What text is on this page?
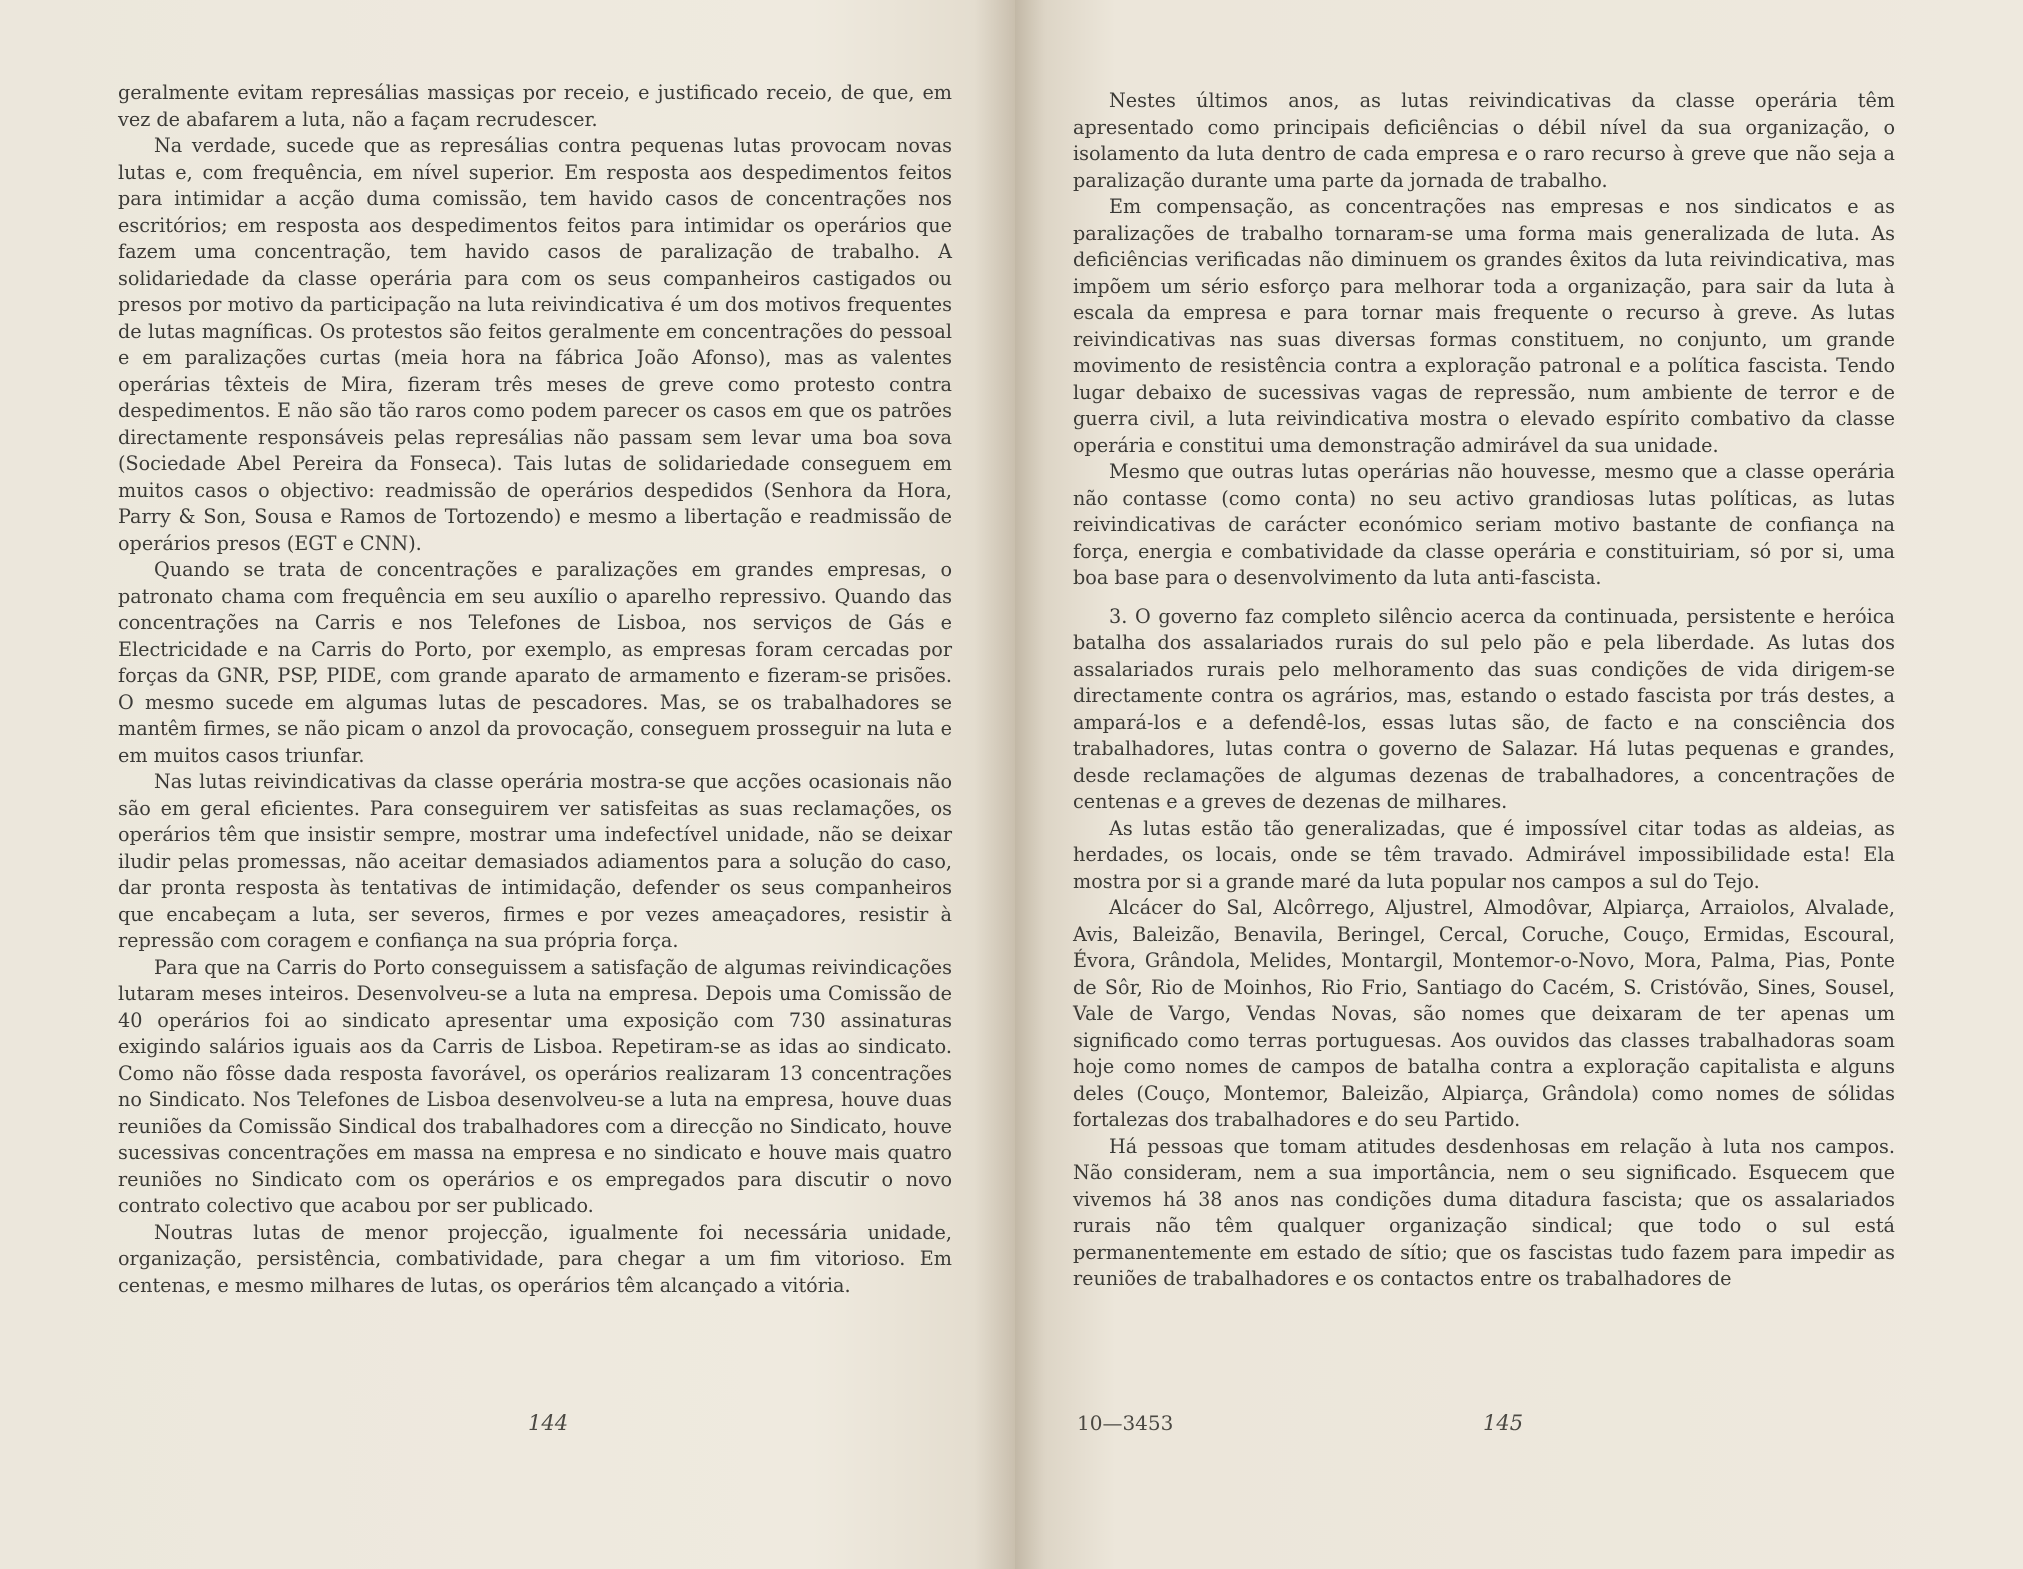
geralmente evitam represálias massiças por receio, e justificado receio, de que, em vez de abafarem a luta, não a façam recrudescer.

Na verdade, sucede que as represálias contra pequenas lutas provocam novas lutas e, com frequência, em nível superior. Em resposta aos despedimentos feitos para intimidar a acção duma comissão, tem havido casos de concentrações nos escritórios; em resposta aos despedimentos feitos para intimidar os operários que fazem uma concentração, tem havido casos de paralização de trabalho. A solidariedade da classe operária para com os seus companheiros castigados ou presos por motivo da participação na luta reivindicativa é um dos motivos frequentes de lutas magníficas. Os protestos são feitos geralmente em concentrações do pessoal e em paralizações curtas (meia hora na fábrica João Afonso), mas as valentes operárias têxteis de Mira, fizeram três meses de greve como protesto contra despedimentos. E não são tão raros como podem parecer os casos em que os patrões directamente responsáveis pelas represálias não passam sem levar uma boa sova (Sociedade Abel Pereira da Fonseca). Tais lutas de solidariedade conseguem em muitos casos o objectivo: readmissão de operários despedidos (Senhora da Hora, Parry & Son, Sousa e Ramos de Tortozendo) e mesmo a libertação e readmissão de operários presos (EGT e CNN).

Quando se trata de concentrações e paralizações em grandes empresas, o patronato chama com frequência em seu auxílio o aparelho repressivo. Quando das concentrações na Carris e nos Telefones de Lisboa, nos serviços de Gás e Electricidade e na Carris do Porto, por exemplo, as empresas foram cercadas por forças da GNR, PSP, PIDE, com grande aparato de armamento e fizeram-se prisões. O mesmo sucede em algumas lutas de pescadores. Mas, se os trabalhadores se mantêm firmes, se não picam o anzol da provocação, conseguem prosseguir na luta e em muitos casos triunfar.

Nas lutas reivindicativas da classe operária mostra-se que acções ocasionais não são em geral eficientes. Para conseguirem ver satisfeitas as suas reclamações, os operários têm que insistir sempre, mostrar uma indefectível unidade, não se deixar iludir pelas promessas, não aceitar demasiados adiamentos para a solução do caso, dar pronta resposta às tentativas de intimidação, defender os seus companheiros que encabeçam a luta, ser severos, firmes e por vezes ameaçadores, resistir à repressão com coragem e confiança na sua própria força.

Para que na Carris do Porto conseguissem a satisfação de algumas reivindicações lutaram meses inteiros. Desenvolveu-se a luta na empresa. Depois uma Comissão de 40 operários foi ao sindicato apresentar uma exposição com 730 assinaturas exigindo salários iguais aos da Carris de Lisboa. Repetiram-se as idas ao sindicato. Como não fôsse dada resposta favorável, os operários realizaram 13 concentrações no Sindicato. Nos Telefones de Lisboa desenvolveu-se a luta na empresa, houve duas reuniões da Comissão Sindical dos trabalhadores com a direcção no Sindicato, houve sucessivas concentrações em massa na empresa e no sindicato e houve mais quatro reuniões no Sindicato com os operários e os empregados para discutir o novo contrato colectivo que acabou por ser publicado.

Noutras lutas de menor projecção, igualmente foi necessária unidade, organização, persistência, combatividade, para chegar a um fim vitorioso. Em centenas, e mesmo milhares de lutas, os operários têm alcançado a vitória.

144

Nestes últimos anos, as lutas reivindicativas da classe operária têm apresentado como principais deficiências o débil nível da sua organização, o isolamento da luta dentro de cada empresa e o raro recurso à greve que não seja a paralização durante uma parte da jornada de trabalho.

Em compensação, as concentrações nas empresas e nos sindicatos e as paralizações de trabalho tornaram-se uma forma mais generalizada de luta. As deficiências verificadas não diminuem os grandes êxitos da luta reivindicativa, mas impõem um sério esforço para melhorar toda a organização, para sair da luta à escala da empresa e para tornar mais frequente o recurso à greve. As lutas reivindicativas nas suas diversas formas constituem, no conjunto, um grande movimento de resistência contra a exploração patronal e a política fascista. Tendo lugar debaixo de sucessivas vagas de repressão, num ambiente de terror e de guerra civil, a luta reivindicativa mostra o elevado espírito combativo da classe operária e constitui uma demonstração admirável da sua unidade.

Mesmo que outras lutas operárias não houvesse, mesmo que a classe operária não contasse (como conta) no seu activo grandiosas lutas políticas, as lutas reivindicativas de carácter económico seriam motivo bastante de confiança na força, energia e combatividade da classe operária e constituiriam, só por si, uma boa base para o desenvolvimento da luta anti-fascista.

3. O governo faz completo silêncio acerca da continuada, persistente e heróica batalha dos assalariados rurais do sul pelo pão e pela liberdade. As lutas dos assalariados rurais pelo melhoramento das suas condições de vida dirigem-se directamente contra os agrários, mas, estando o estado fascista por trás destes, a ampará-los e a defendê-los, essas lutas são, de facto e na consciência dos trabalhadores, lutas contra o governo de Salazar. Há lutas pequenas e grandes, desde reclamações de algumas dezenas de trabalhadores, a concentrações de centenas e a greves de dezenas de milhares.

As lutas estão tão generalizadas, que é impossível citar todas as aldeias, as herdades, os locais, onde se têm travado. Admirável impossibilidade esta! Ela mostra por si a grande maré da luta popular nos campos a sul do Tejo.

Alcácer do Sal, Alcôrrego, Aljustrel, Almodôvar, Alpiarça, Arraiolos, Alvalade, Avis, Baleizão, Benavila, Beringel, Cercal, Coruche, Couço, Ermidas, Escoural, Évora, Grândola, Melides, Montargil, Montemor-o-Novo, Mora, Palma, Pias, Ponte de Sôr, Rio de Moinhos, Rio Frio, Santiago do Cacém, S. Cristóvão, Sines, Sousel, Vale de Vargo, Vendas Novas, são nomes que deixaram de ter apenas um significado como terras portuguesas. Aos ouvidos das classes trabalhadoras soam hoje como nomes de campos de batalha contra a exploração capitalista e alguns deles (Couço, Montemor, Baleizão, Alpiarça, Grândola) como nomes de sólidas fortalezas dos trabalhadores e do seu Partido.

Há pessoas que tomam atitudes desdenhosas em relação à luta nos campos. Não consideram, nem a sua importância, nem o seu significado. Esquecem que vivemos há 38 anos nas condições duma ditadura fascista; que os assalariados rurais não têm qualquer organização sindical; que todo o sul está permanentemente em estado de sítio; que os fascistas tudo fazem para impedir as reuniões de trabalhadores e os contactos entre os trabalhadores de

10—3453	145
